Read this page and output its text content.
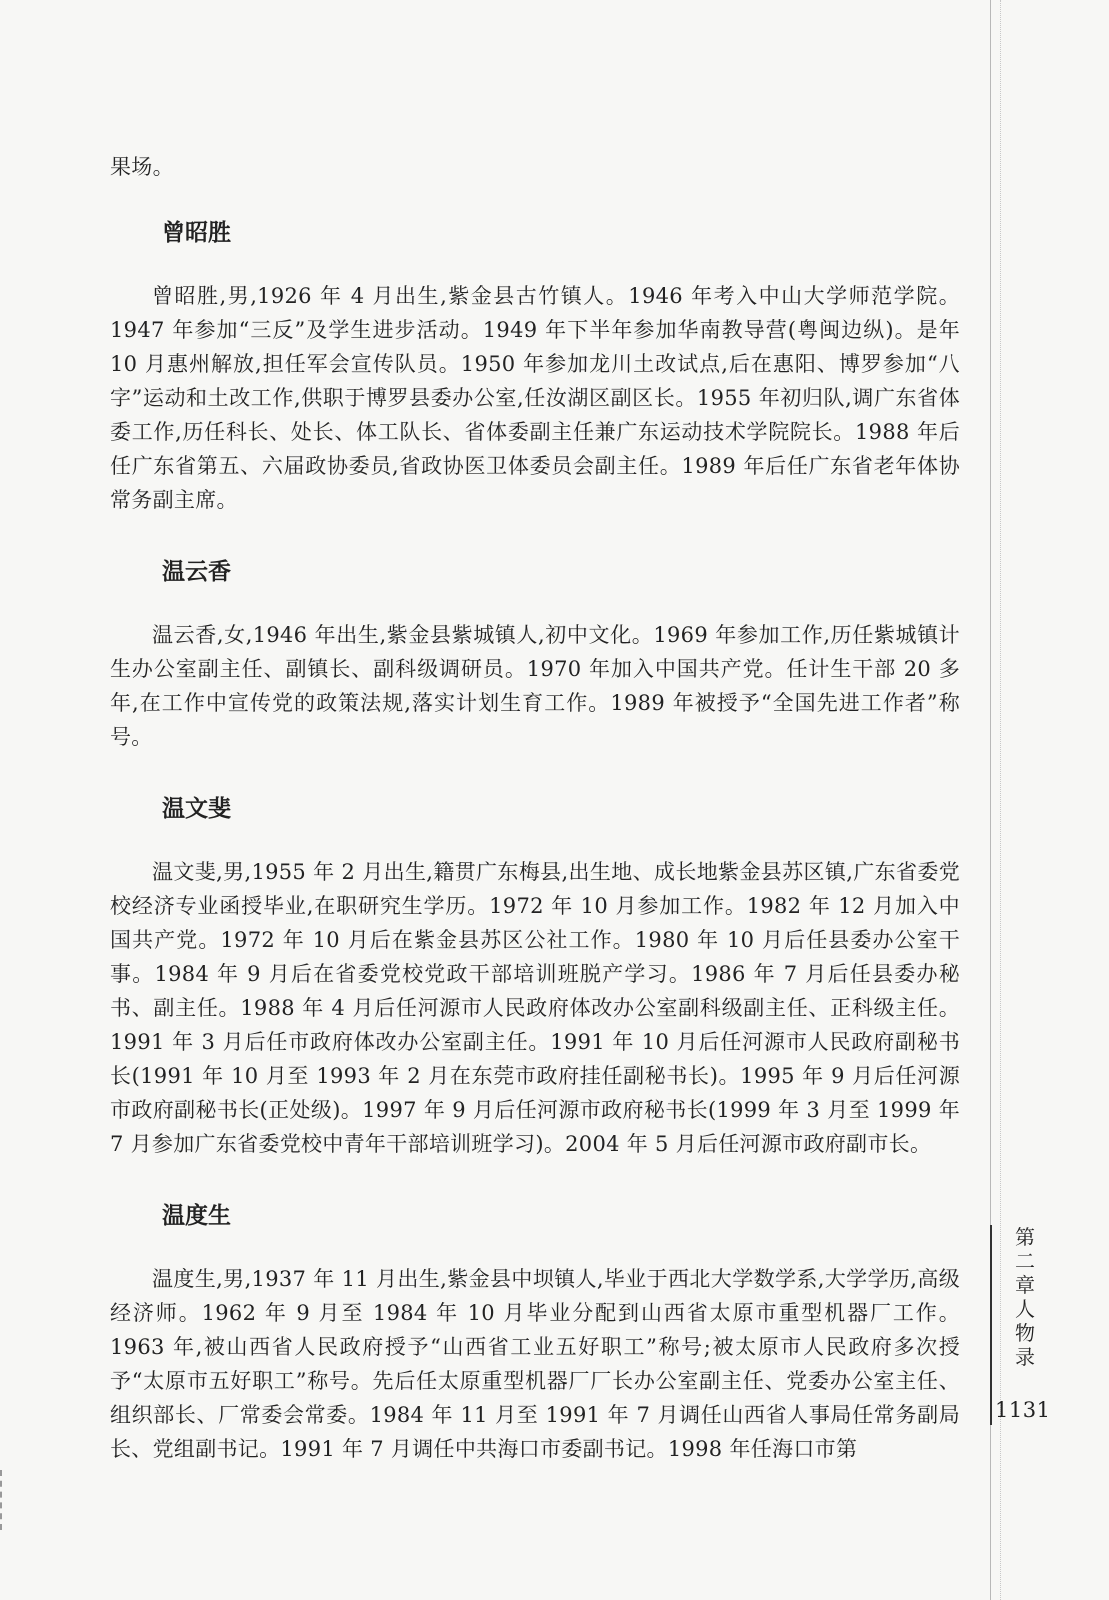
果场。

曾昭胜

曾昭胜,男,1926 年 4 月出生,紫金县古竹镇人。1946 年考入中山大学师范学院。1947 年参加“三反”及学生进步活动。1949 年下半年参加华南教导营(粤闽边纵)。是年 10 月惠州解放,担任军会宣传队员。1950 年参加龙川土改试点,后在惠阳、博罗参加“八字”运动和土改工作,供职于博罗县委办公室,任汝湖区副区长。1955 年初归队,调广东省体委工作,历任科长、处长、体工队长、省体委副主任兼广东运动技术学院院长。1988 年后任广东省第五、六届政协委员,省政协医卫体委员会副主任。1989 年后任广东省老年体协常务副主席。

温云香

温云香,女,1946 年出生,紫金县紫城镇人,初中文化。1969 年参加工作,历任紫城镇计生办公室副主任、副镇长、副科级调研员。1970 年加入中国共产党。任计生干部 20 多年,在工作中宣传党的政策法规,落实计划生育工作。1989 年被授予“全国先进工作者”称号。

温文斐

温文斐,男,1955 年 2 月出生,籍贯广东梅县,出生地、成长地紫金县苏区镇,广东省委党校经济专业函授毕业,在职研究生学历。1972 年 10 月参加工作。1982 年 12 月加入中国共产党。1972 年 10 月后在紫金县苏区公社工作。1980 年 10 月后任县委办公室干事。1984 年 9 月后在省委党校党政干部培训班脱产学习。1986 年 7 月后任县委办秘书、副主任。1988 年 4 月后任河源市人民政府体改办公室副科级副主任、正科级主任。1991 年 3 月后任市政府体改办公室副主任。1991 年 10 月后任河源市人民政府副秘书长(1991 年 10 月至 1993 年 2 月在东莞市政府挂任副秘书长)。1995 年 9 月后任河源市政府副秘书长(正处级)。1997 年 9 月后任河源市政府秘书长(1999 年 3 月至 1999 年 7 月参加广东省委党校中青年干部培训班学习)。2004 年 5 月后任河源市政府副市长。

温度生

温度生,男,1937 年 11 月出生,紫金县中坝镇人,毕业于西北大学数学系,大学学历,高级经济师。1962 年 9 月至 1984 年 10 月毕业分配到山西省太原市重型机器厂工作。1963 年,被山西省人民政府授予“山西省工业五好职工”称号;被太原市人民政府多次授予“太原市五好职工”称号。先后任太原重型机器厂厂长办公室副主任、党委办公室主任、组织部长、厂常委会常委。1984 年 11 月至 1991 年 7 月调任山西省人事局任常务副局长、党组副书记。1991 年 7 月调任中共海口市委副书记。1998 年任海口市第

第二章 人物录
1131
